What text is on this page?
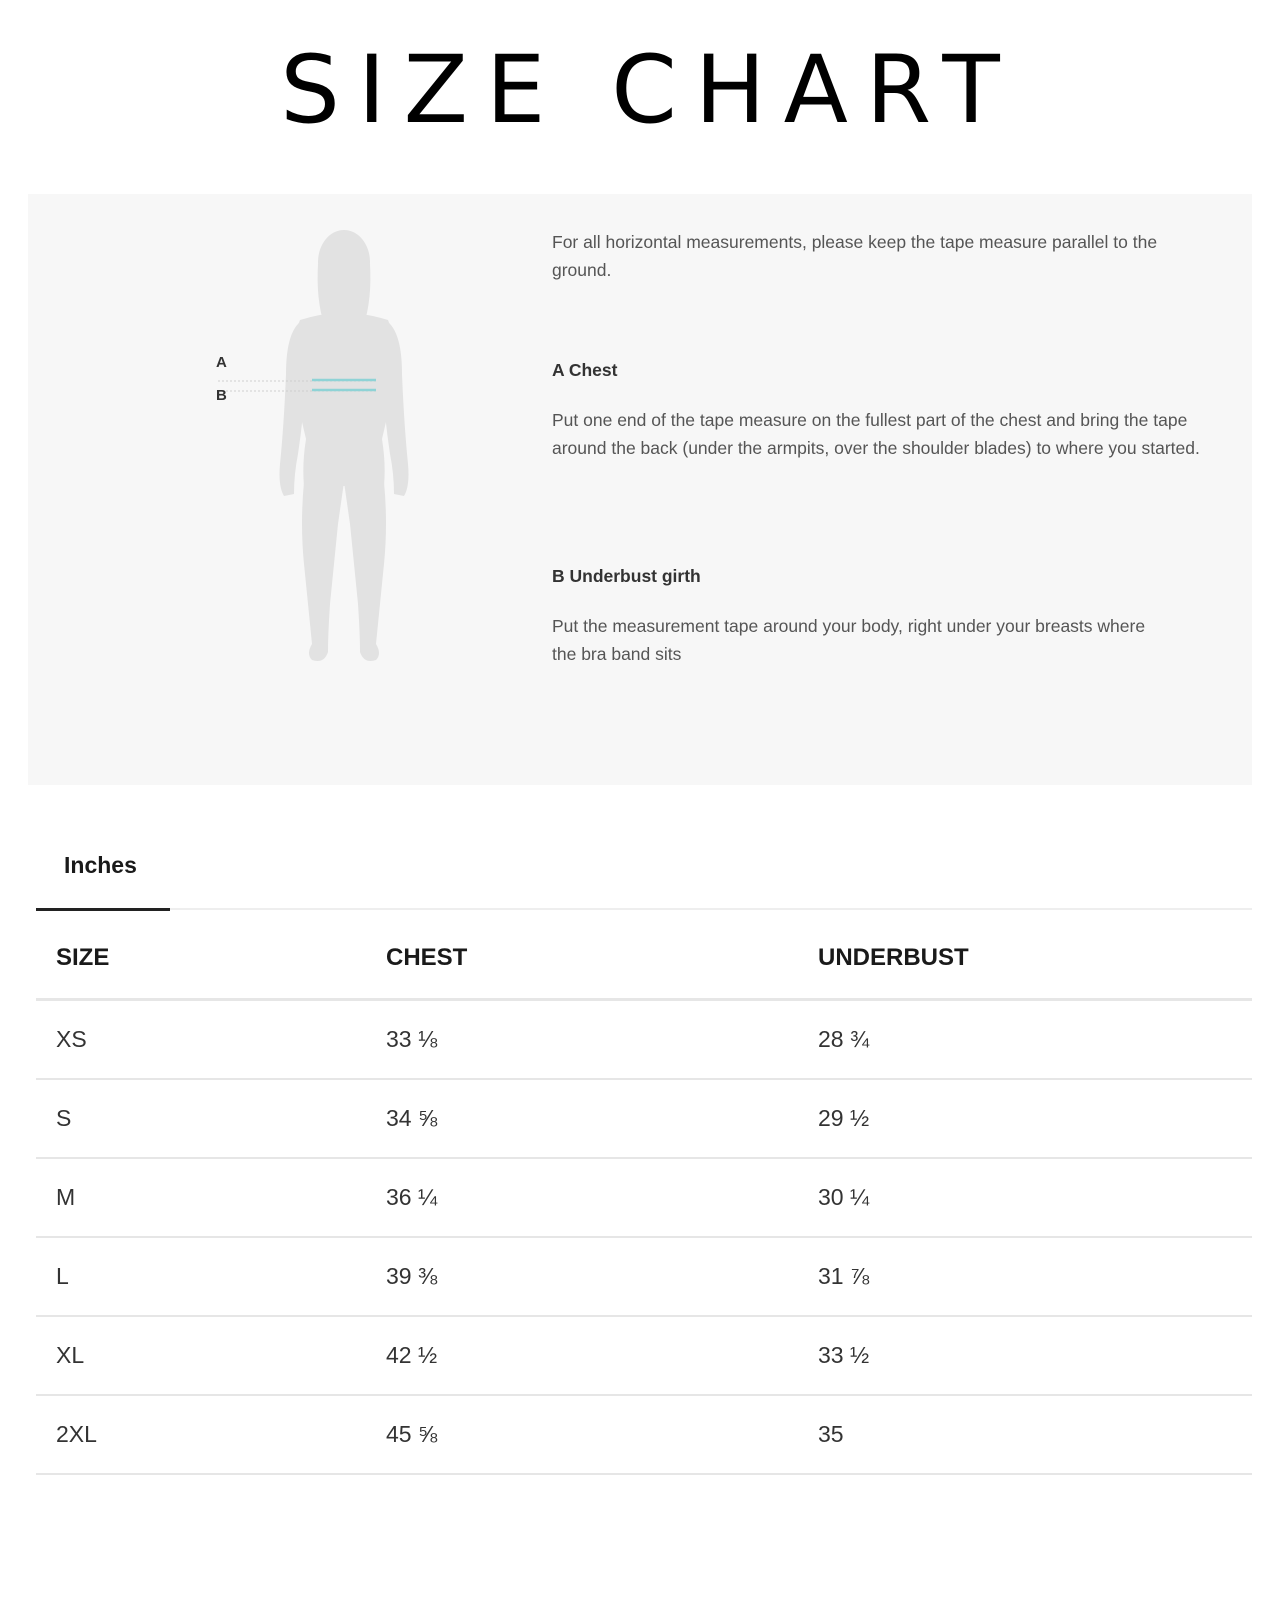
SIZE CHART
A
B

For all horizontal measurements, please keep the tape measure parallel to the ground.

A Chest

Put one end of the tape measure on the fullest part of the chest and bring the tape around the back (under the armpits, over the shoulder blades) to where you started.

B Underbust girth

Put the measurement tape around your body, right under your breasts where the bra band sits

Inches
SIZE	CHEST	UNDERBUST
XS	33 ⅛	28 ¾
S	34 ⅝	29 ½
M	36 ¼	30 ¼
L	39 ⅜	31 ⅞
XL	42 ½	33 ½
2XL	45 ⅝	35
